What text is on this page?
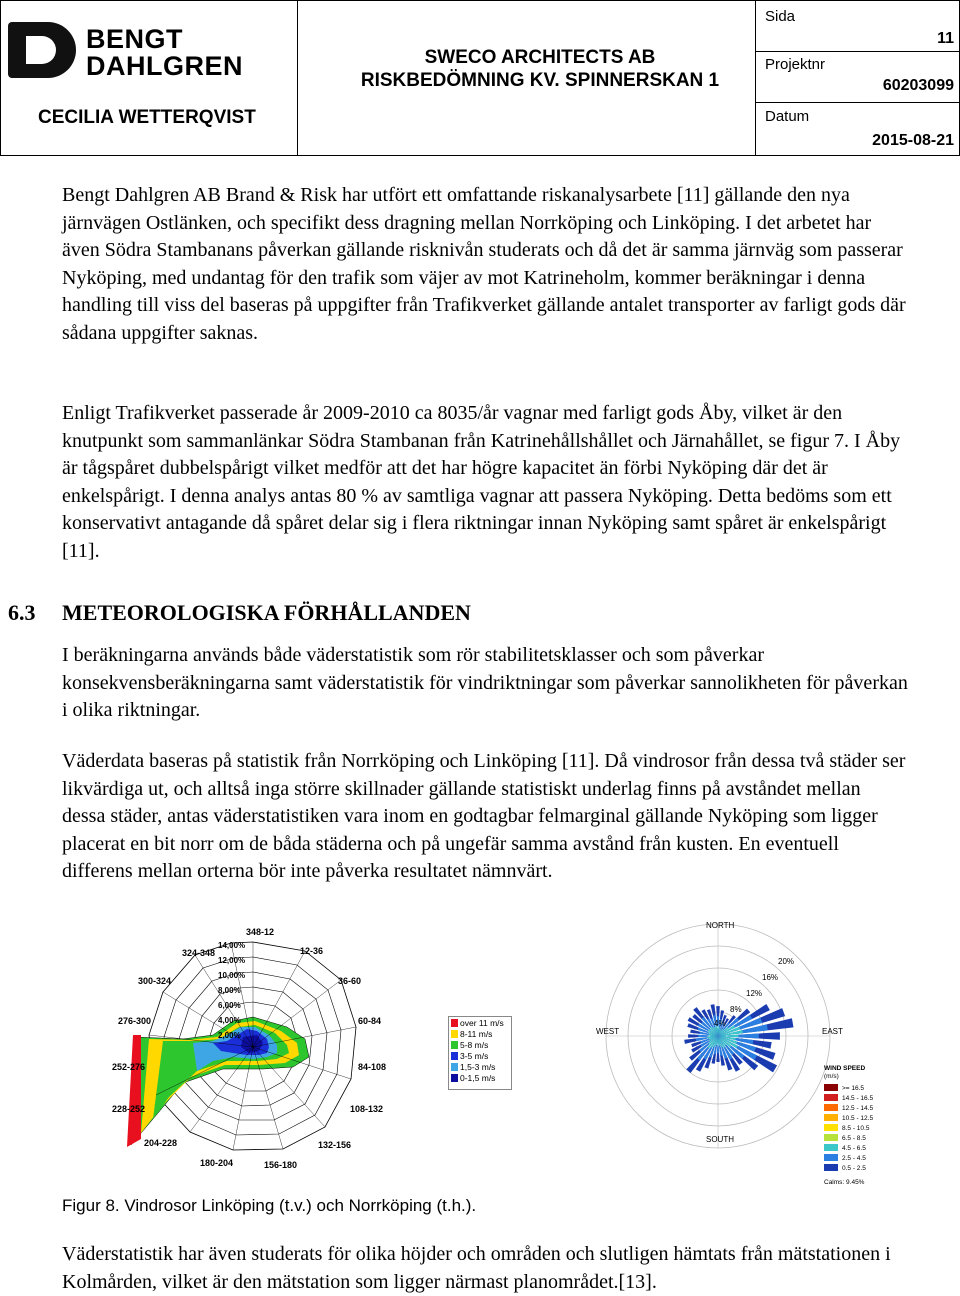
BENGT
DAHLGREN
CECILIA WETTERQVIST
SWECO ARCHITECTS AB
RISKBEDÖMNING KV. SPINNERSKAN 1
Sida
11
Projektnr
60203099
Datum
2015-08-21

Bengt Dahlgren AB Brand & Risk har utfört ett omfattande riskanalysarbete [11] gällande den nya järnvägen Ostlänken, och specifikt dess dragning mellan Norrköping och Linköping. I det arbetet har även Södra Stambanans påverkan gällande risknivån studerats och då det är samma järnväg som passerar Nyköping, med undantag för den trafik som väjer av mot Katrineholm, kommer beräkningar i denna handling till viss del baseras på uppgifter från Trafikverket gällande antalet transporter av farligt gods där sådana uppgifter saknas.

Enligt Trafikverket passerade år 2009-2010 ca 8035/år vagnar med farligt gods Åby, vilket är den knutpunkt som sammanlänkar Södra Stambanan från Katrinehållshållet och Järnahållet, se figur 7. I Åby är tågspåret dubbelspårigt vilket medför att det har högre kapacitet än förbi Nyköping där det är enkelspårigt. I denna analys antas 80 % av samtliga vagnar att passera Nyköping. Detta bedöms som ett konservativt antagande då spåret delar sig i flera riktningar innan Nyköping samt spåret är enkelspårigt [11].

6.3 METEOROLOGISKA FÖRHÅLLANDEN

I beräkningarna används både väderstatistik som rör stabilitetsklasser och som påverkar konsekvensberäkningarna samt väderstatistik för vindriktningar som påverkar sannolikheten för påverkan i olika riktningar.

Väderdata baseras på statistik från Norrköping och Linköping [11]. Då vindrosor från dessa två städer ser likvärdiga ut, och alltså inga större skillnader gällande statistiskt underlag finns på avståndet mellan dessa städer, antas väderstatistiken vara inom en godtagbar felmarginal gällande Nyköping som ligger placerat en bit norr om de båda städerna och på ungefär samma avstånd från kusten. En eventuell differens mellan orterna bör inte påverka resultatet nämnvärt.

348-12
12-36
36-60
60-84
84-108
108-132
132-156
156-180
180-204
204-228
228-252
252-276
276-300
300-324
324-348
14,00%
12,00%
10,00%
8,00%
6,00%
4,00%
2,00%
over 11 m/s
8-11 m/s
5-8 m/s
3-5 m/s
1,5-3 m/s
0-1,5 m/s
NORTH
SOUTH
WEST	EAST
20%
16%
12%
8%
4%
WIND SPEED
(m/s)
>= 16.5
14.5 - 16.5
12.5 - 14.5
10.5 - 12.5
8.5 - 10.5
6.5 - 8.5
4.5 - 6.5
2.5 - 4.5
0.5 - 2.5
Calms: 9.45%
Figur 8. Vindrosor Linköping (t.v.) och Norrköping (t.h.).

Väderstatistik har även studerats för olika höjder och områden och slutligen hämtats från mätstationen i Kolmården, vilket är den mätstation som ligger närmast planområdet.[13].
